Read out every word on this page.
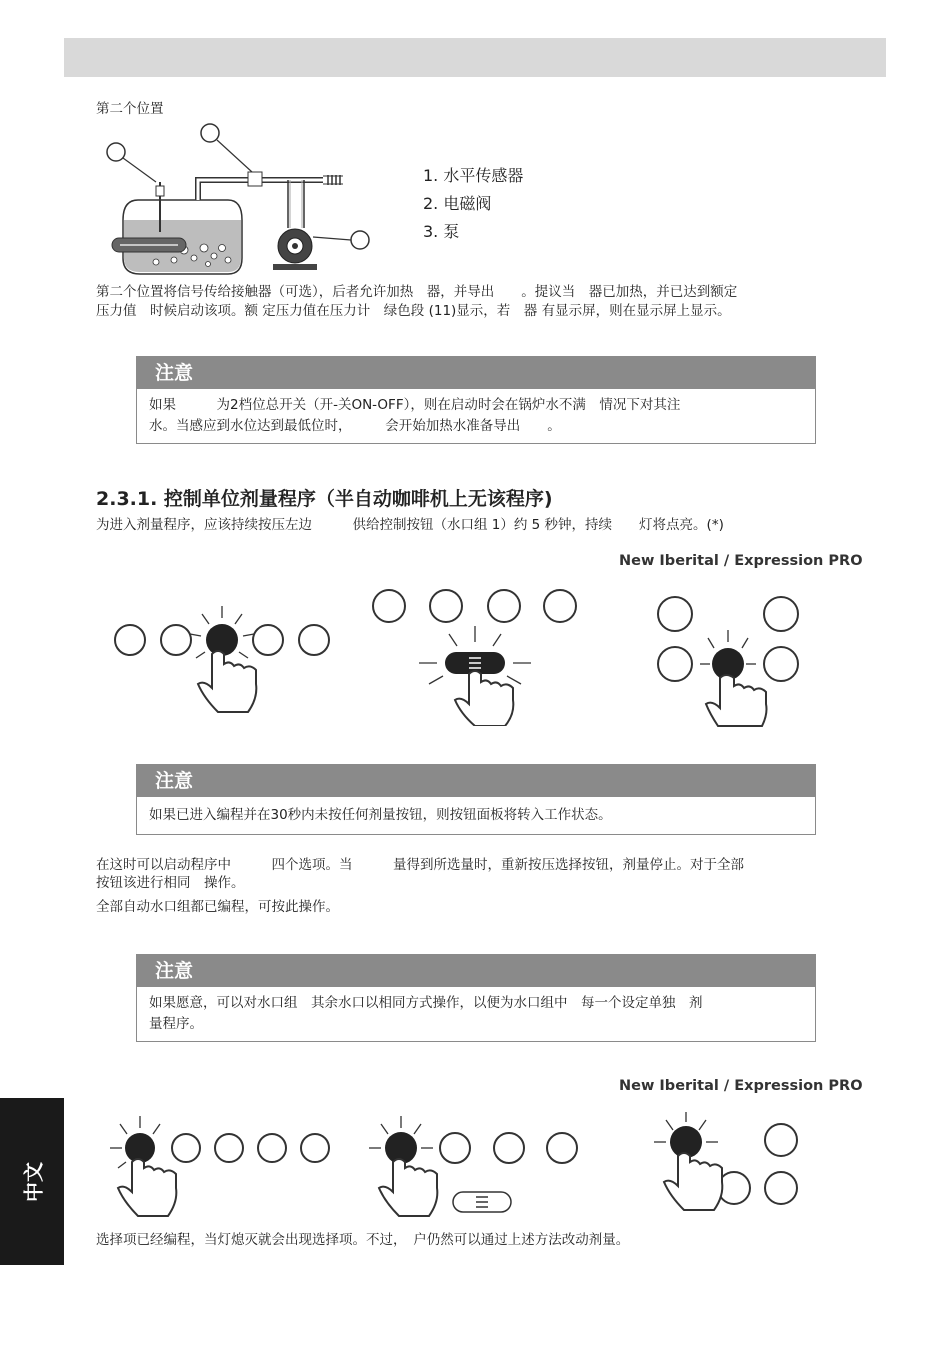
第二个位置
1. 水平传感器
2. 电磁阀
3. 泵
第二个位置将信号传给接触器（可选），后者允许加热　器，并导出　　。提议当　器已加热，并已达到额定
压力值　时候启动该项。额 定压力值在压力计　绿色段 (11)显示，若　器 有显示屏，则在显示屏上显示。
注意
如果　　　为2档位总开关（开-关ON-OFF），则在启动时会在锅炉水不满　情况下对其注
水。当感应到水位达到最低位时，　　　会开始加热水准备导出　　。
2.3.1. 控制单位剂量程序（半自动咖啡机上无该程序)
为进入剂量程序，应该持续按压左边　　　供给控制按钮（水口组 1）约 5 秒钟，持续　　灯将点亮。(*)
New Iberital / Expression PRO
注意
如果已进入编程并在30秒内未按任何剂量按钮，则按钮面板将转入工作状态。
在这时可以启动程序中　　　四个选项。当　　　量得到所选量时，重新按压选择按钮，剂量停止。对于全部
按钮该进行相同　操作。
全部自动水口组都已编程，可按此操作。
注意
如果愿意，可以对水口组　其余水口以相同方式操作，以便为水口组中　每一个设定单独　剂
量程序。
New Iberital / Expression PRO
选择项已经编程，当灯熄灭就会出现选择项。不过，　户仍然可以通过上述方法改动剂量。
中文
